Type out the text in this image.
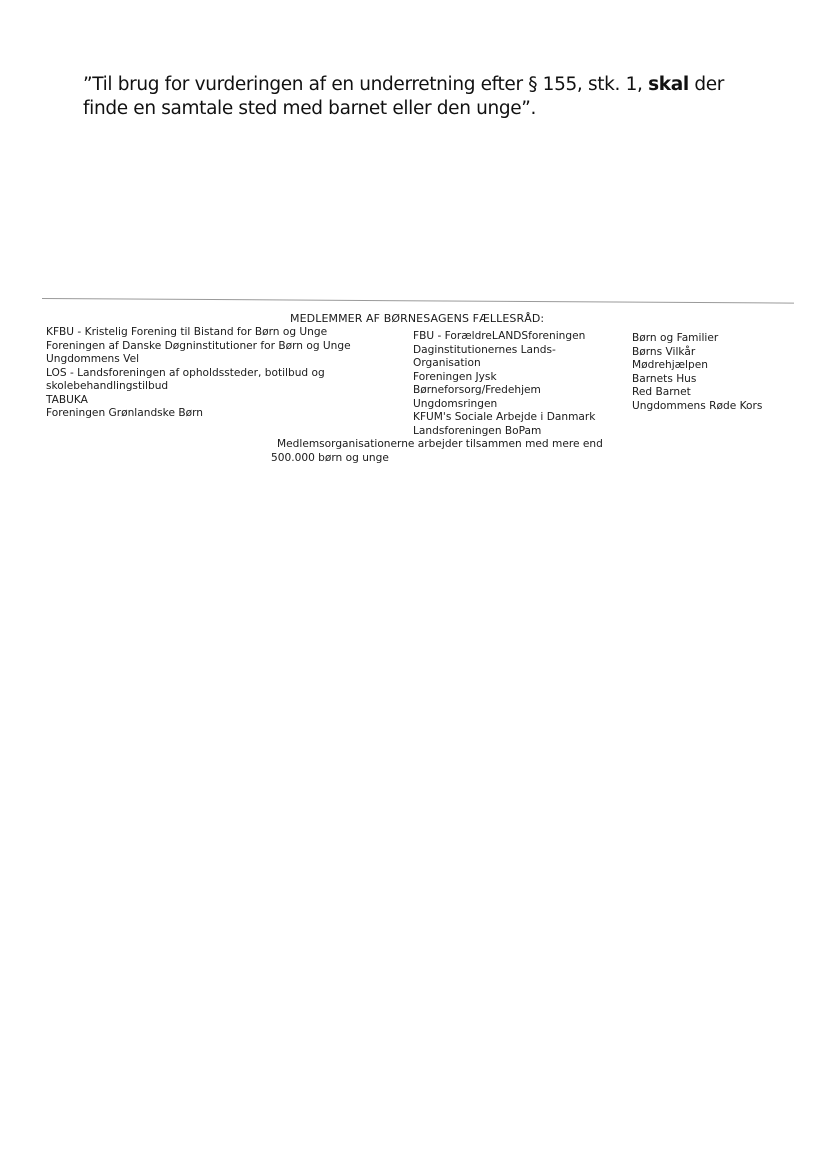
”Til brug for vurderingen af en underretning efter § 155, stk. 1, skal der finde en samtale sted med barnet eller den unge”.

MEDLEMMER AF BØRNESAGENS FÆLLESRÅD:
KFBU - Kristelig Forening til Bistand for Børn og Unge
Foreningen af Danske Døgninstitutioner for Børn og Unge
Ungdommens Vel
LOS - Landsforeningen af opholdssteder, botilbud og
skolebehandlingstilbud
TABUKA
Foreningen Grønlandske Børn
FBU - ForældreLANDSforeningen
Daginstitutionernes Lands-
Organisation
Foreningen Jysk
Børneforsorg/Fredehjem
Ungdomsringen
KFUM's Sociale Arbejde i Danmark
Landsforeningen BoPam
Børn og Familier
Børns Vilkår
Mødrehjælpen
Barnets Hus
Red Barnet
Ungdommens Røde Kors

Medlemsorganisationerne arbejder tilsammen med mere end 500.000 børn og unge
